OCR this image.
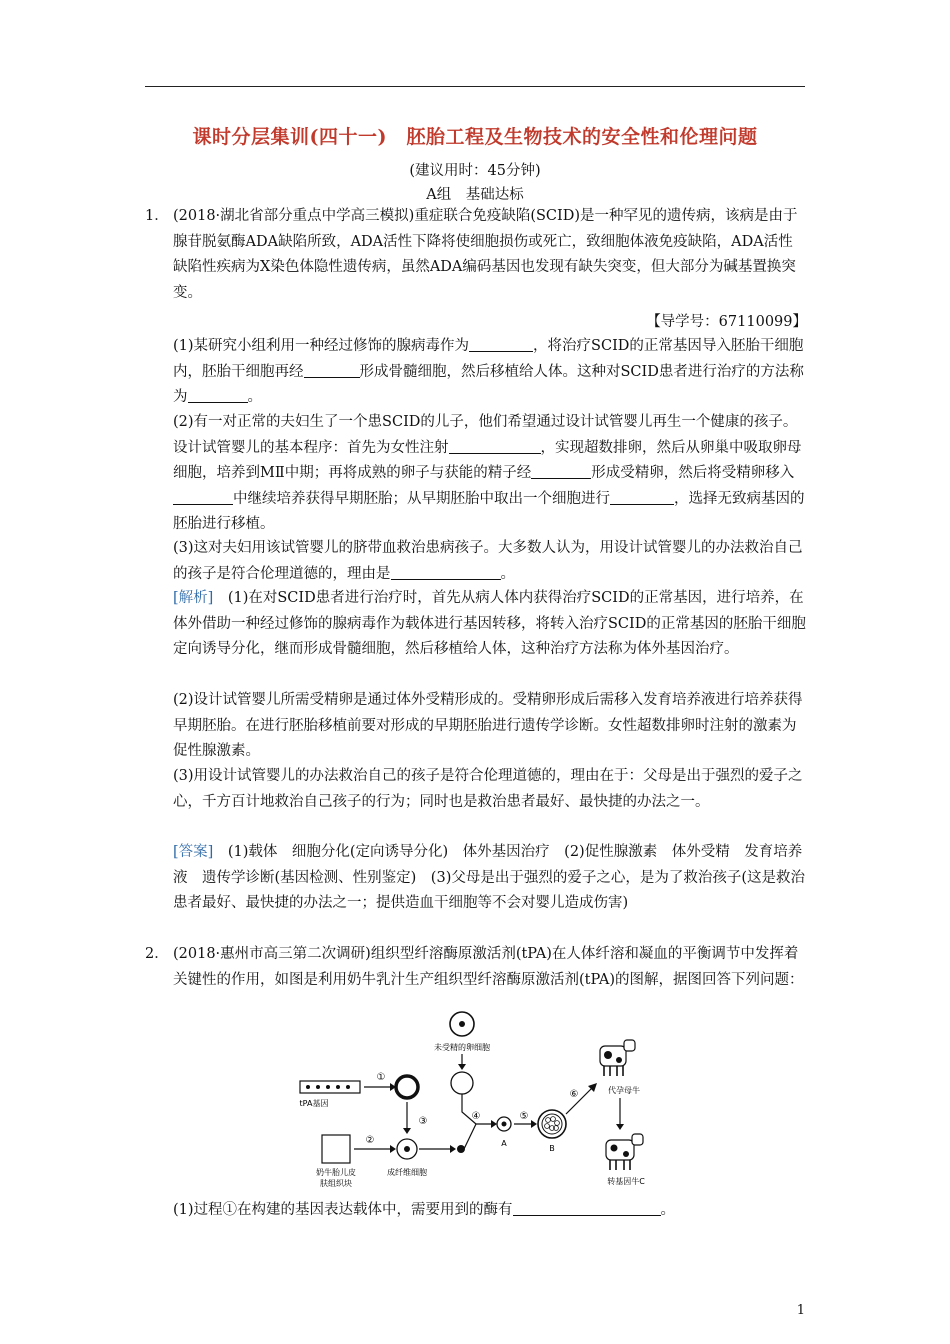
课时分层集训(四十一)　胚胎工程及生物技术的安全性和伦理问题
(建议用时：45分钟)
A组　基础达标
1． (2018·湖北省部分重点中学高三模拟)重症联合免疫缺陷(SCID)是一种罕见的遗传病，该病是由于腺苷脱氨酶ADA缺陷所致，ADA活性下降将使细胞损伤或死亡，致细胞体液免疫缺陷，ADA活性缺陷性疾病为X染色体隐性遗传病，虽然ADA编码基因也发现有缺失突变，但大部分为碱基置换突变。
【导学号：67110099】
(1)某研究小组利用一种经过修饰的腺病毒作为	，将治疗SCID的正常基因导入胚胎干细胞内，胚胎干细胞再经	形成骨髓细胞，然后移植给人体。这种对SCID患者进行治疗的方法称为	。
(2)有一对正常的夫妇生了一个患SCID的儿子，他们希望通过设计试管婴儿再生一个健康的孩子。设计试管婴儿的基本程序：首先为女性注射	，实现超数排卵，然后从卵巢中吸取卵母细胞，培养到MⅡ中期；再将成熟的卵子与获能的精子经	形成受精卵，然后将受精卵移入中继续培养获得早期胚胎；从早期胚胎中取出一个细胞进行	，选择无致病基因的胚胎进行移植。
(3)这对夫妇用该试管婴儿的脐带血救治患病孩子。大多数人认为，用设计试管婴儿的办法救治自己的孩子是符合伦理道德的，理由是	。
[解析]　(1)在对SCID患者进行治疗时，首先从病人体内获得治疗SCID的正常基因，进行培养，在体外借助一种经过修饰的腺病毒作为载体进行基因转移，将转入治疗SCID的正常基因的胚胎干细胞定向诱导分化，继而形成骨髓细胞，然后移植给人体，这种治疗方法称为体外基因治疗。
(2)设计试管婴儿所需受精卵是通过体外受精形成的。受精卵形成后需移入发育培养液进行培养获得早期胚胎。在进行胚胎移植前要对形成的早期胚胎进行遗传学诊断。女性超数排卵时注射的激素为促性腺激素。
(3)用设计试管婴儿的办法救治自己的孩子是符合伦理道德的，理由在于：父母是出于强烈的爱子之心，千方百计地救治自己孩子的行为；同时也是救治患者最好、最快捷的办法之一。
[答案]　(1)载体　细胞分化(定向诱导分化)　体外基因治疗　(2)促性腺激素　体外受精　发育培养液　遗传学诊断(基因检测、性别鉴定)　(3)父母是出于强烈的爱子之心，是为了救治孩子(这是救治患者最好、最快捷的办法之一；提供造血干细胞等不会对婴儿造成伤害)
2． (2018·惠州市高三第二次调研)组织型纤溶酶原激活剂(tPA)在人体纤溶和凝血的平衡调节中发挥着关键性的作用，如图是利用奶牛乳汁生产组织型纤溶酶原激活剂(tPA)的图解，据图回答下列问题：
未受精的卵细胞
tPA基因
①
③
奶牛胎儿皮
肤组织块
②
成纤维细胞
④
A
⑤
B
⑥	代孕母牛
转基因牛C
(1)过程①在构建的基因表达载体中，需要用到的酶有	。
1
